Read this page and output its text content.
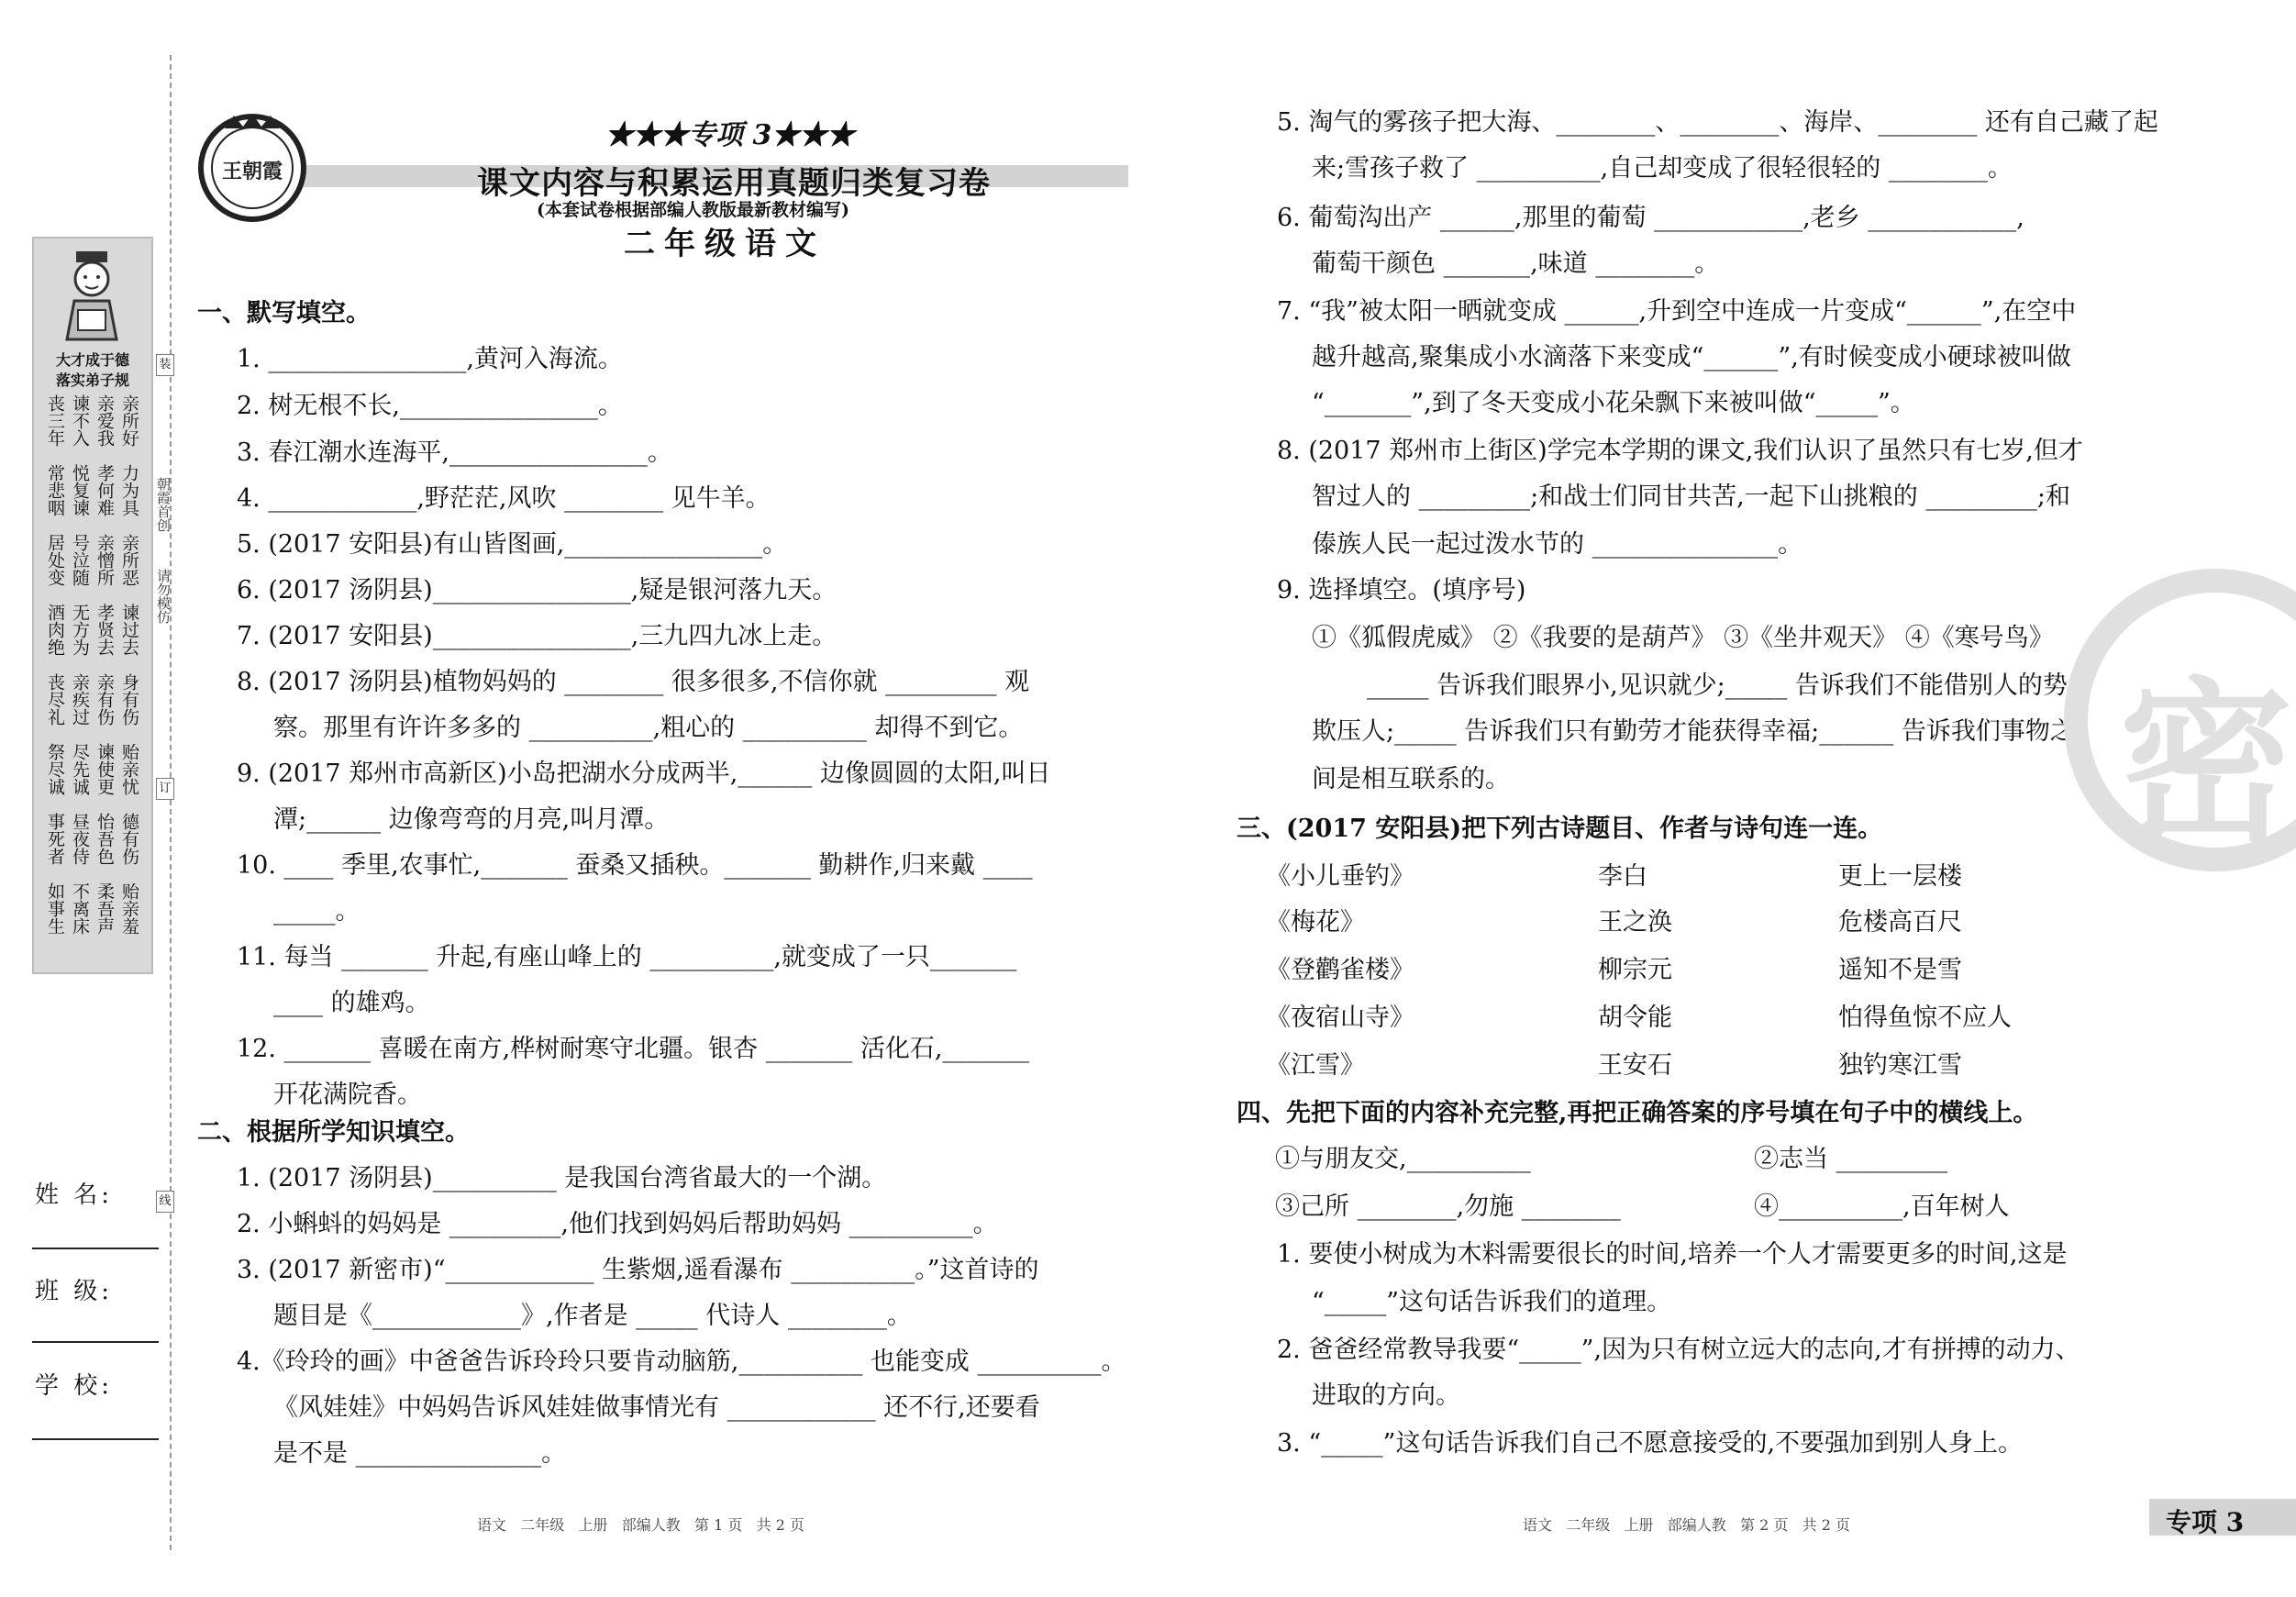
大才成于德
落实弟子规
丧三年 谏不入 亲爱我 亲所好
常悲咽 悦复谏 孝何难 力为具
居处变 号泣随 亲憎所 亲所恶
酒肉绝 无方为 孝贤去 谏过去
丧尽礼 亲疾过 亲有伤 身有伤
祭尽诚 尽先诚 谏使更 贻亲忧
事死者 昼夜侍 怡吾色 德有伤
如事生 不离床 柔吾声 贻亲羞
装
朝霞首创
请勿模仿
订
线
姓 名:
班 级:
学 校:
王朝霞
★★★专项 3★★★
课文内容与积累运用真题归类复习卷
(本套试卷根据部编人教版最新教材编写)
二年级语文
一、默写填空。
1. ________________,黄河入海流。
2. 树无根不长,________________。
3. 春江潮水连海平,________________。
4. ____________,野茫茫,风吹 ________ 见牛羊。
5. (2017 安阳县)有山皆图画,________________。
6. (2017 汤阴县)________________,疑是银河落九天。
7. (2017 安阳县)________________,三九四九冰上走。
8. (2017 汤阴县)植物妈妈的 ________ 很多很多,不信你就 _________ 观
察。那里有许许多多的 __________,粗心的 __________ 却得不到它。
9. (2017 郑州市高新区)小岛把湖水分成两半,______ 边像圆圆的太阳,叫日
潭;______ 边像弯弯的月亮,叫月潭。
10. ____ 季里,农事忙,_______ 蚕桑又插秧。_______ 勤耕作,归来戴 ____
_____。
11. 每当 _______ 升起,有座山峰上的 __________,就变成了一只_______
____ 的雄鸡。
12. _______ 喜暖在南方,桦树耐寒守北疆。银杏 _______ 活化石,_______
开花满院香。
二、根据所学知识填空。
1. (2017 汤阴县)__________ 是我国台湾省最大的一个湖。
2. 小蝌蚪的妈妈是 _________,他们找到妈妈后帮助妈妈 __________。
3. (2017 新密市)“____________ 生紫烟,遥看瀑布 __________。”这首诗的
题目是《____________》,作者是 _____ 代诗人 ________。
4.《玲玲的画》中爸爸告诉玲玲只要肯动脑筋,__________ 也能变成 __________。
《风娃娃》中妈妈告诉风娃娃做事情光有 ____________ 还不行,还要看
是不是 _______________。
5. 淘气的雾孩子把大海、________、________、海岸、________ 还有自己藏了起
来;雪孩子救了 __________,自己却变成了很轻很轻的 ________。
6. 葡萄沟出产 ______,那里的葡萄 ____________,老乡 ____________,
葡萄干颜色 _______,味道 ________。
7. “我”被太阳一晒就变成 ______,升到空中连成一片变成“______”,在空中
越升越高,聚集成小水滴落下来变成“______”,有时候变成小硬球被叫做
“_______”,到了冬天变成小花朵飘下来被叫做“_____”。
8. (2017 郑州市上街区)学完本学期的课文,我们认识了虽然只有七岁,但才
智过人的 _________;和战士们同甘共苦,一起下山挑粮的 _________;和
傣族人民一起过泼水节的 _______________。
9. 选择填空。(填序号)
①《狐假虎威》 ②《我要的是葫芦》 ③《坐井观天》 ④《寒号鸟》
_____ 告诉我们眼界小,见识就少;_____ 告诉我们不能借别人的势力
欺压人;_____ 告诉我们只有勤劳才能获得幸福;______ 告诉我们事物之
间是相互联系的。
三、(2017 安阳县)把下列古诗题目、作者与诗句连一连。
《小儿垂钓》	李白	更上一层楼
《梅花》	王之涣	危楼高百尺
《登鹳雀楼》	柳宗元	遥知不是雪
《夜宿山寺》	胡令能	怕得鱼惊不应人
《江雪》	王安石	独钓寒江雪
四、先把下面的内容补充完整,再把正确答案的序号填在句子中的横线上。
①与朋友交,__________	②志当 _________
③己所 ________,勿施 ________	④__________,百年树人
1. 要使小树成为木料需要很长的时间,培养一个人才需要更多的时间,这是
“_____”这句话告诉我们的道理。
2. 爸爸经常教导我要“_____”,因为只有树立远大的志向,才有拼搏的动力、
进取的方向。
3. “_____”这句话告诉我们自己不愿意接受的,不要强加到别人身上。
密
语文   二年级   上册   部编人教   第 1 页   共 2 页	语文   二年级   上册   部编人教   第 2 页   共 2 页	专项 3
